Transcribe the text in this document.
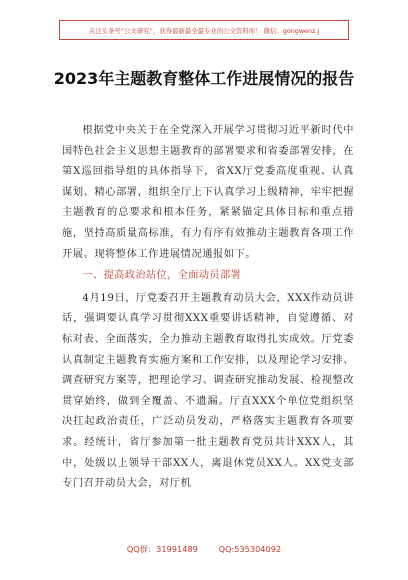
关注头条号“公文研究”，获得最新最全最专业的公文资料库！ 微信：gongwenz j
2023年主题教育整体工作进展情况的报告

根据党中央关于在全党深入开展学习贯彻习近平新时代中国特色社会主义思想主题教育的部署要求和省委部署安排，在第X巡回指导组的具体指导下，省XX厅党委高度重视、认真谋划、精心部署，组织全厅上下认真学习上级精神，牢牢把握主题教育的总要求和根本任务，紧紧锚定具体目标和重点措施，坚持高质量高标准，有力有序有效推动主题教育各项工作开展。现将整体工作进展情况通报如下。

一、提高政治站位，全面动员部署

4月19日，厅党委召开主题教育动员大会，XXX作动员讲话，强调要认真学习贯彻XXX重要讲话精神，自觉遵循、对标对表、全面落实，全力推动主题教育取得扎实成效。厅党委认真制定主题教育实施方案和工作安排，以及理论学习安排、调查研究方案等，把理论学习、调查研究推动发展、检视整改贯穿始终，做到全覆盖、不遗漏。厅直XXX个单位党组织坚决扛起政治责任，广泛动员发动，严格落实主题教育各项要求。经统计，省厅参加第一批主题教育党员共计XXX人，其中，处级以上领导干部XX人，离退休党员XX人。XX党支部专门召开动员大会，对厅机

QQ群：31991489        QQ:535304092
